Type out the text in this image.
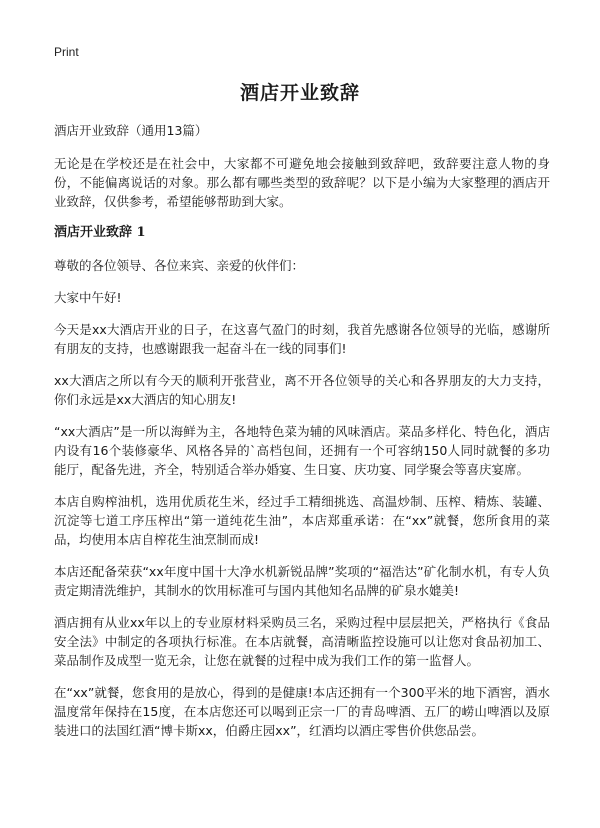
Print
酒店开业致辞
酒店开业致辞（通用13篇）

无论是在学校还是在社会中，大家都不可避免地会接触到致辞吧，致辞要注意人物的身份，不能偏离说话的对象。那么都有哪些类型的致辞呢？以下是小编为大家整理的酒店开业致辞，仅供参考，希望能够帮助到大家。

酒店开业致辞 1

尊敬的各位领导、各位来宾、亲爱的伙伴们：

大家中午好!

今天是xx大酒店开业的日子，在这喜气盈门的时刻，我首先感谢各位领导的光临，感谢所有朋友的支持，也感谢跟我一起奋斗在一线的同事们!

xx大酒店之所以有今天的顺利开张营业，离不开各位领导的关心和各界朋友的大力支持，你们永远是xx大酒店的知心朋友!

“xx大酒店”是一所以海鲜为主，各地特色菜为辅的风味酒店。菜品多样化、特色化，酒店内设有16个装修豪华、风格各异的`高档包间，还拥有一个可容纳150人同时就餐的多功能厅，配备先进，齐全，特别适合举办婚宴、生日宴、庆功宴、同学聚会等喜庆宴席。

本店自购榨油机，选用优质花生米，经过手工精细挑选、高温炒制、压榨、精炼、装罐、沉淀等七道工序压榨出“第一道纯花生油”，本店郑重承诺：在“xx”就餐，您所食用的菜品，均使用本店自榨花生油烹制而成!

本店还配备荣获“xx年度中国十大净水机新锐品牌”奖项的“福浩达”矿化制水机，有专人负责定期清洗维护，其制水的饮用标准可与国内其他知名品牌的矿泉水媲美!

酒店拥有从业xx年以上的专业原材料采购员三名，采购过程中层层把关，严格执行《食品安全法》中制定的各项执行标准。在本店就餐，高清晰监控设施可以让您对食品初加工、菜品制作及成型一览无余，让您在就餐的过程中成为我们工作的第一监督人。

在“xx”就餐，您食用的是放心，得到的是健康!本店还拥有一个300平米的地下酒窖，酒水温度常年保持在15度，在本店您还可以喝到正宗一厂的青岛啤酒、五厂的崂山啤酒以及原装进口的法国红酒“博卡斯xx，伯爵庄园xx”，红酒均以酒庄零售价供您品尝。
